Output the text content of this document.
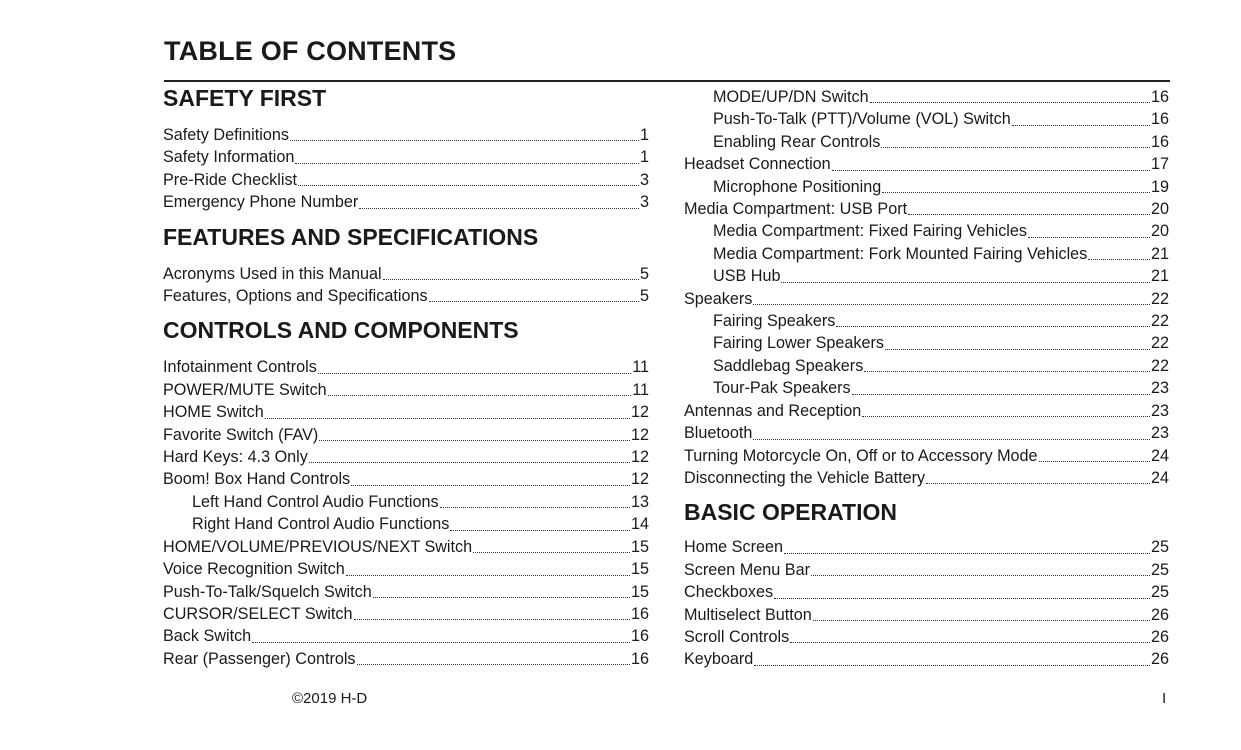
TABLE OF CONTENTS
SAFETY FIRST
Safety Definitions	1
Safety Information	1
Pre-Ride Checklist	3
Emergency Phone Number	3
FEATURES AND SPECIFICATIONS
Acronyms Used in this Manual	5
Features, Options and Specifications	5
CONTROLS AND COMPONENTS
Infotainment Controls	11
POWER/MUTE Switch	11
HOME Switch	12
Favorite Switch (FAV)	12
Hard Keys: 4.3 Only	12
Boom! Box Hand Controls	12
Left Hand Control Audio Functions	13
Right Hand Control Audio Functions	14
HOME/VOLUME/PREVIOUS/NEXT Switch	15
Voice Recognition Switch	15
Push-To-Talk/Squelch Switch	15
CURSOR/SELECT Switch	16
Back Switch	16
Rear (Passenger) Controls	16
MODE/UP/DN Switch	16
Push-To-Talk (PTT)/Volume (VOL) Switch	16
Enabling Rear Controls	16
Headset Connection	17
Microphone Positioning	19
Media Compartment: USB Port	20
Media Compartment: Fixed Fairing Vehicles	20
Media Compartment: Fork Mounted Fairing Vehicles	21
USB Hub	21
Speakers	22
Fairing Speakers	22
Fairing Lower Speakers	22
Saddlebag Speakers	22
Tour-Pak Speakers	23
Antennas and Reception	23
Bluetooth	23
Turning Motorcycle On, Off or to Accessory Mode	24
Disconnecting the Vehicle Battery	24
BASIC OPERATION
Home Screen	25
Screen Menu Bar	25
Checkboxes	25
Multiselect Button	26
Scroll Controls	26
Keyboard	26
©2019 H-D	I
